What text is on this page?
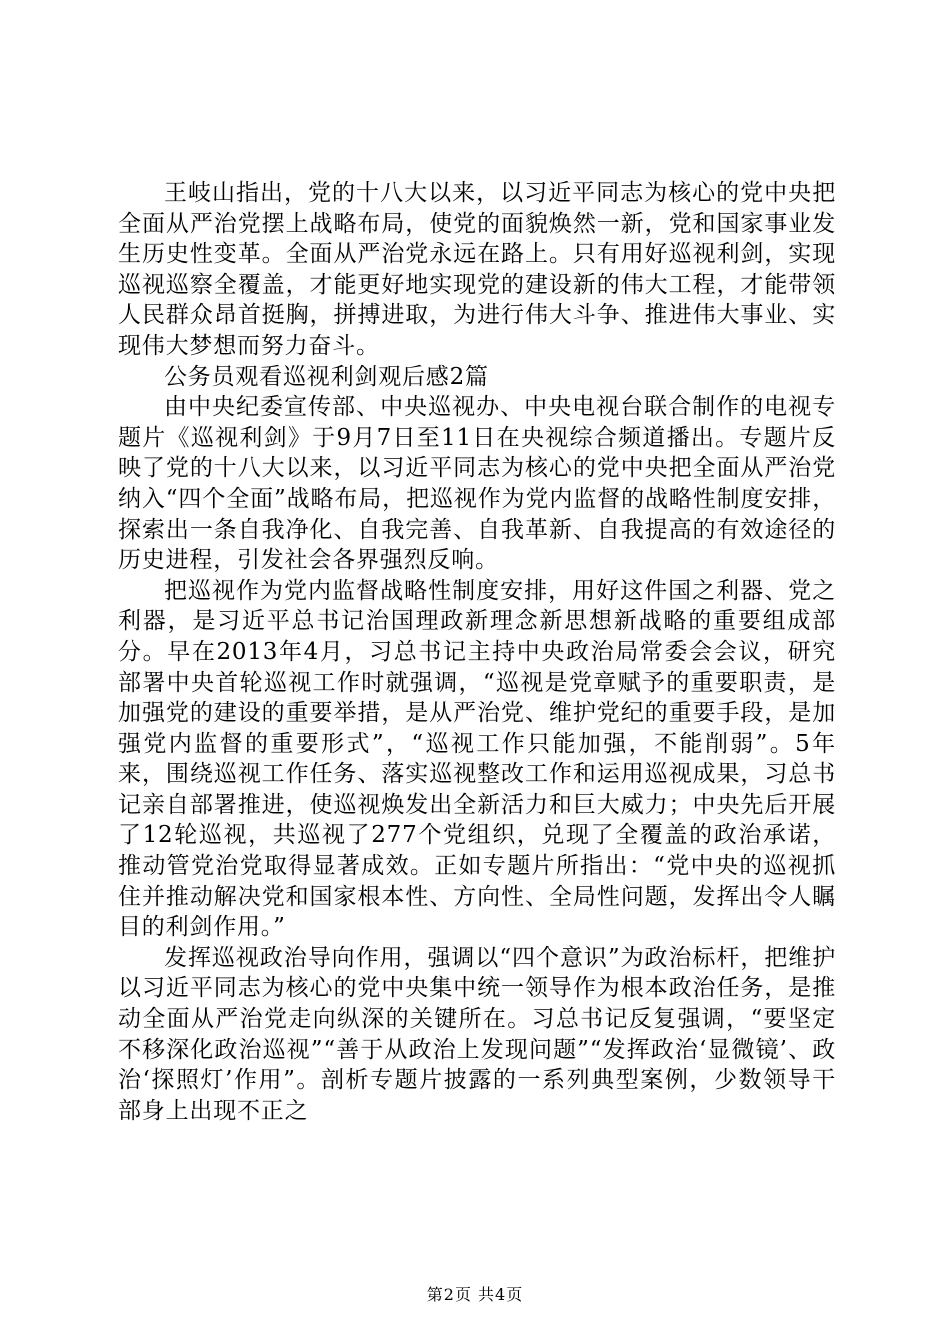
王岐山指出，党的十八大以来，以习近平同志为核心的党中央把全面从严治党摆上战略布局，使党的面貌焕然一新，党和国家事业发生历史性变革。全面从严治党永远在路上。只有用好巡视利剑，实现巡视巡察全覆盖，才能更好地实现党的建设新的伟大工程，才能带领人民群众昂首挺胸，拼搏进取，为进行伟大斗争、推进伟大事业、实现伟大梦想而努力奋斗。

公务员观看巡视利剑观后感2篇

由中央纪委宣传部、中央巡视办、中央电视台联合制作的电视专题片《巡视利剑》于9月7日至11日在央视综合频道播出。专题片反映了党的十八大以来，以习近平同志为核心的党中央把全面从严治党纳入“四个全面”战略布局，把巡视作为党内监督的战略性制度安排，探索出一条自我净化、自我完善、自我革新、自我提高的有效途径的历史进程，引发社会各界强烈反响。

把巡视作为党内监督战略性制度安排，用好这件国之利器、党之利器，是习近平总书记治国理政新理念新思想新战略的重要组成部分。早在2013年4月，习总书记主持中央政治局常委会会议，研究部署中央首轮巡视工作时就强调，“巡视是党章赋予的重要职责，是加强党的建设的重要举措，是从严治党、维护党纪的重要手段，是加强党内监督的重要形式”，“巡视工作只能加强，不能削弱”。5年来，围绕巡视工作任务、落实巡视整改工作和运用巡视成果，习总书记亲自部署推进，使巡视焕发出全新活力和巨大威力；中央先后开展了12轮巡视，共巡视了277个党组织，兑现了全覆盖的政治承诺，推动管党治党取得显著成效。正如专题片所指出：“党中央的巡视抓住并推动解决党和国家根本性、方向性、全局性问题，发挥出令人瞩目的利剑作用。”

发挥巡视政治导向作用，强调以“四个意识”为政治标杆，把维护以习近平同志为核心的党中央集中统一领导作为根本政治任务，是推动全面从严治党走向纵深的关键所在。习总书记反复强调，“要坚定不移深化政治巡视”“善于从政治上发现问题”“发挥政治‘显微镜’、政治‘探照灯’作用”。剖析专题片披露的一系列典型案例，少数领导干部身上出现不正之

第2页 共4页
